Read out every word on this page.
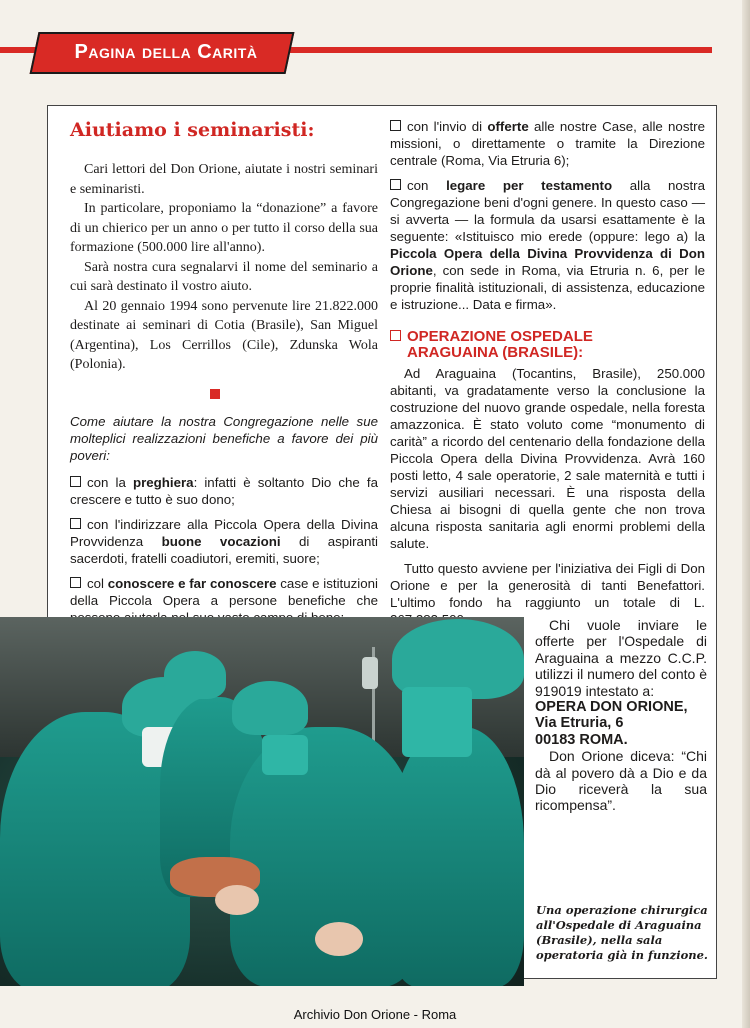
Pagina della Carità
Aiutiamo i seminaristi:

Cari lettori del Don Orione, aiutate i nostri seminari e seminaristi.

In particolare, proponiamo la “donazione” a favore di un chierico per un anno o per tutto il corso della sua formazione (500.000 lire all'anno).

Sarà nostra cura segnalarvi il nome del seminario a cui sarà destinato il vostro aiuto.

Al 20 gennaio 1994 sono pervenute lire 21.822.000 destinate ai seminari di Cotia (Brasile), San Miguel (Argentina), Los Cerrillos (Cile), Zdunska Wola (Polonia).

Come aiutare la nostra Congregazione nelle sue molteplici realizzazioni benefiche a favore dei più poveri:

con la preghiera: infatti è soltanto Dio che fa crescere e tutto è suo dono;

con l'indirizzare alla Piccola Opera della Divina Provvidenza buone vocazioni di aspiranti sacerdoti, fratelli coadiutori, eremiti, suore;

col conoscere e far conoscere case e istituzioni della Piccola Opera a persone benefiche che

con l'invio di offerte alle nostre Case, alle nostre missioni, o direttamente o tramite la Direzione centrale (Roma, Via Etruria 6);

con legare per testamento alla nostra Congregazione beni d'ogni genere. In questo caso — si avverta — la formula da usarsi esattamente è la seguente: «Istituisco mio erede (oppure: lego a) la Piccola Opera della Divina Provvidenza di Don Orione, con sede in Roma, via Etruria n. 6, per le proprie finalità istituzionali, di assistenza, educazione e istruzione... Data e firma».

OPERAZIONE OSPEDALE
ARAGUAINA (BRASILE):

Ad Araguaina (Tocantins, Brasile), 250.000 abitanti, va gradatamente verso la conclusione la costruzione del nuovo grande ospedale, nella foresta amazzonica. È stato voluto come “monumento di carità” a ricordo del centenario della fondazione della Piccola Opera della Divina Provvidenza. Avrà 160 posti letto, 4 sale operatorie, 2 sale maternità e tutti i servizi ausiliari necessari. È una risposta della Chiesa ai bisogni di quella gente che non trova alcuna risposta sanitaria agli enormi problemi della salute.

Tutto questo avviene per l'iniziativa dei Figli di Don Orione e per la generosità di tanti Benefattori. L'ultimo fondo ha raggiunto un totale di L.

Chi vuole inviare le offerte per l'Ospedale di Araguaina a mezzo C.C.P. utilizzi il numero del conto è 919019 intestato a:

OPERA DON ORIONE,

Via Etruria, 6

00183 ROMA.

Don Orione diceva: “Chi dà al povero dà a Dio e da Dio riceverà la sua ricompensa”.

Una operazione chirurgica all'Ospedale di Araguaina (Brasile), nella sala operatoria già in funzione.
Archivio Don Orione - Roma
